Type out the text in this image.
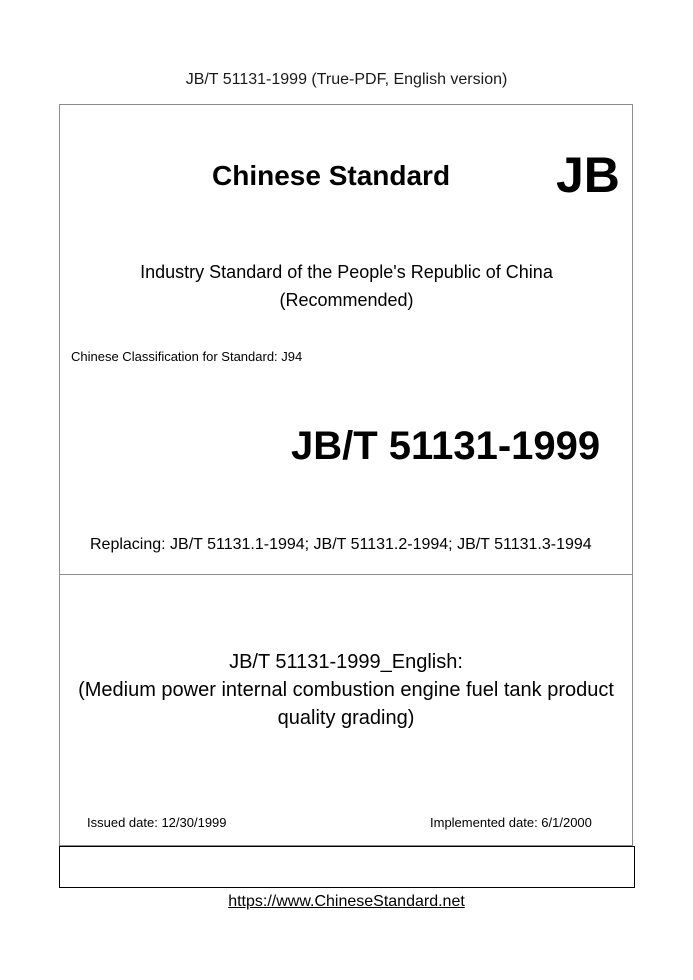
JB/T 51131-1999 (True-PDF, English version)
Chinese Standard JB
Industry Standard of the People's Republic of China
(Recommended)
Chinese Classification for Standard: J94
JB/T 51131-1999
Replacing: JB/T 51131.1-1994; JB/T 51131.2-1994; JB/T 51131.3-1994
JB/T 51131-1999_English:
(Medium power internal combustion engine fuel tank product
quality grading)
Issued date: 12/30/1999	Implemented date: 6/1/2000
https://www.ChineseStandard.net
